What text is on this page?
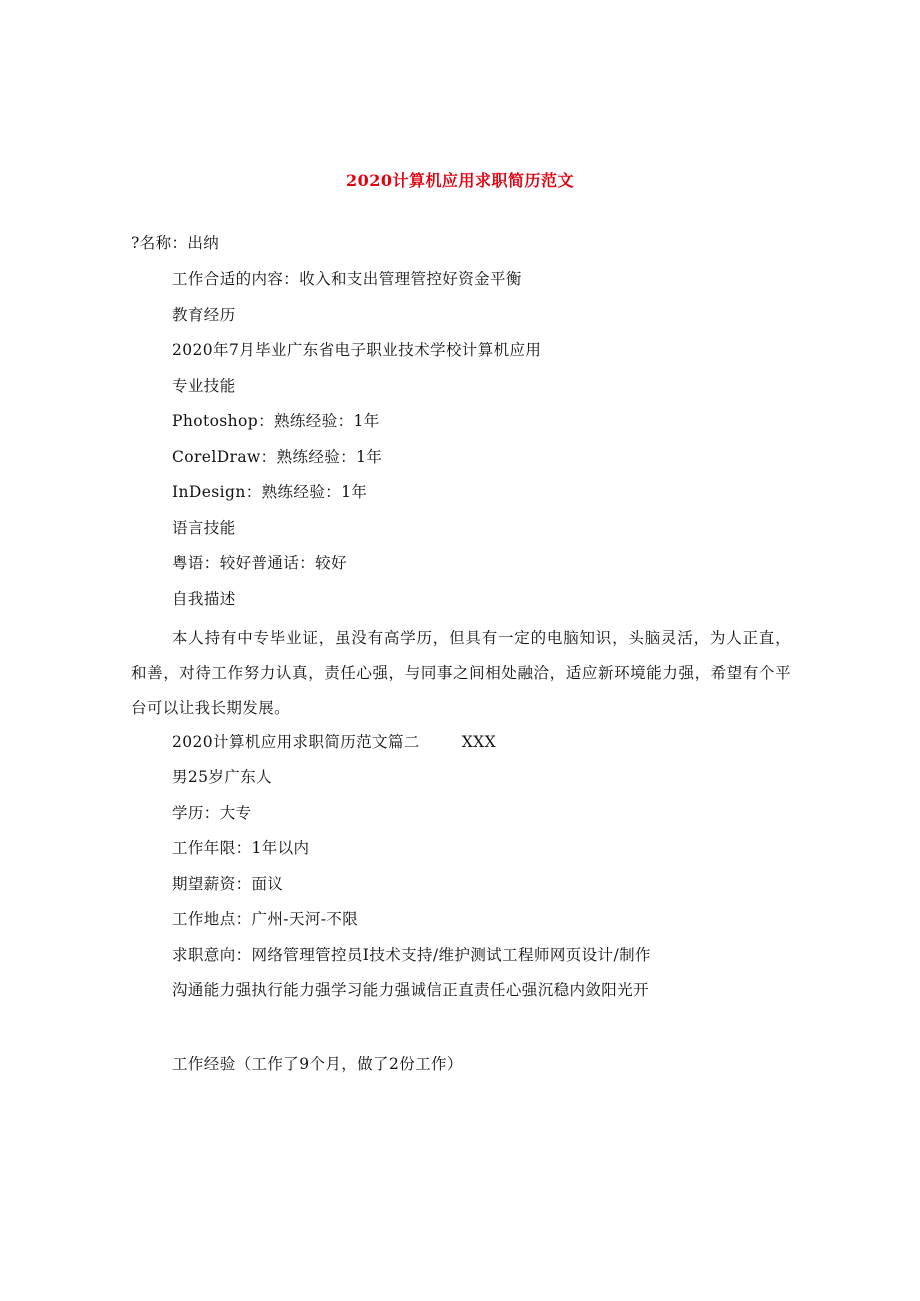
2020计算机应用求职简历范文
?名称：出纳
工作合适的内容：收入和支出管理管控好资金平衡
教育经历
2020年7月毕业广东省电子职业技术学校计算机应用
专业技能
Photoshop：熟练经验：1年
CorelDraw：熟练经验：1年
InDesign：熟练经验：1年
语言技能
粤语：较好普通话：较好
自我描述
本人持有中专毕业证，虽没有高学历，但具有一定的电脑知识，头脑灵活，为人正直，和善，对待工作努力认真，责任心强，与同事之间相处融洽，适应新环境能力强，希望有个平台可以让我长期发展。
2020计算机应用求职简历范文篇二	XXX
男25岁广东人
学历：大专
工作年限：1年以内
期望薪资：面议
工作地点：广州-天河-不限
求职意向：网络管理管控员I技术支持/维护测试工程师网页设计/制作
沟通能力强执行能力强学习能力强诚信正直责任心强沉稳内敛阳光开
工作经验（工作了9个月，做了2份工作）
